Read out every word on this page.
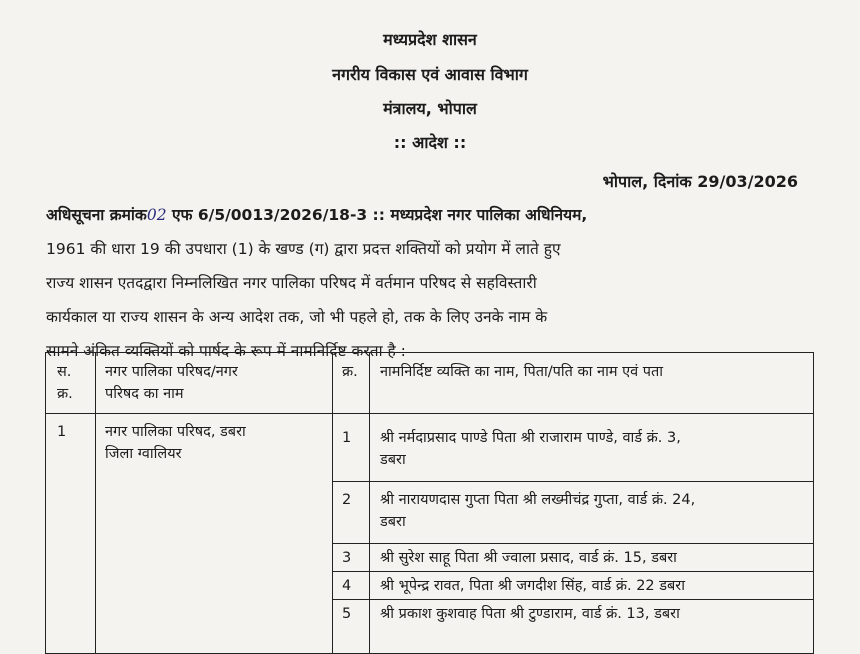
मध्यप्रदेश शासन
नगरीय विकास एवं आवास विभाग
मंत्रालय, भोपाल
:: आदेश ::
भोपाल, दिनांक 29/03/2026
अधिसूचना क्रमांक02 एफ 6/5/0013/2026/18-3 :: मध्यप्रदेश नगर पालिका अधिनियम,
1961 की धारा 19 की उपधारा (1) के खण्ड (ग) द्वारा प्रदत्त शक्तियों को प्रयोग में लाते हुए
राज्य शासन एतदद्वारा निम्नलिखित नगर पालिका परिषद में वर्तमान परिषद से सहविस्तारी
कार्यकाल या राज्य शासन के अन्य आदेश तक, जो भी पहले हो, तक के लिए उनके नाम के
सामने अंकित व्यक्तियों को पार्षद के रूप में नामनिर्दिष्ट करता है :
स.
क्र.
नगर पालिका परिषद/नगर
परिषद का नाम
क्र. नामनिर्दिष्ट व्यक्ति का नाम, पिता/पति का नाम एवं पता
1	नगर पालिका परिषद, डबरा
जिला ग्वालियर
1 श्री नर्मदाप्रसाद पाण्डे पिता श्री राजाराम पाण्डे, वार्ड क्रं. 3,
डबरा
2 श्री नारायणदास गुप्ता पिता श्री लख्मीचंद्र गुप्ता, वार्ड क्रं. 24,
डबरा
3 श्री सुरेश साहू पिता श्री ज्वाला प्रसाद, वार्ड क्रं. 15, डबरा
4 श्री भूपेन्द्र रावत, पिता श्री जगदीश सिंह, वार्ड क्रं. 22 डबरा
5 श्री प्रकाश कुशवाह पिता श्री टुण्डाराम, वार्ड क्रं. 13, डबरा
